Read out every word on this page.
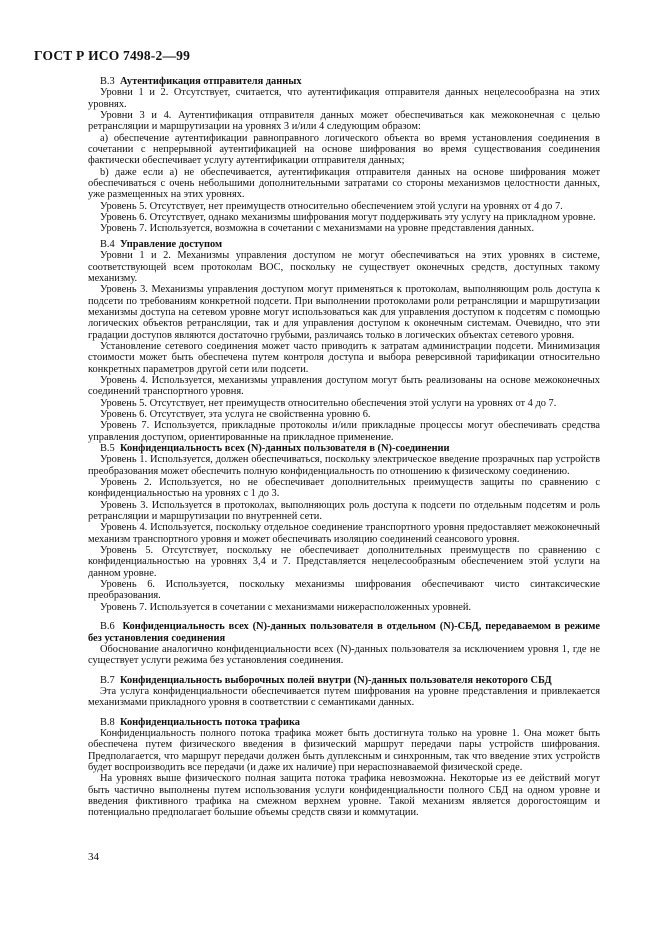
ГОСТ Р ИСО 7498-2—99
В.3 Аутентификация отправителя данных

Уровни 1 и 2. Отсутствует, считается, что аутентификация отправителя данных нецелесообразна на этих уровнях.

Уровни 3 и 4. Аутентификация отправителя данных может обеспечиваться как межоконечная с целью ретрансляции и маршрутизации на уровнях 3 и/или 4 следующим образом:

a) обеспечение аутентификации равноправного логического объекта во время установления соединения в сочетании с непрерывной аутентификацией на основе шифрования во время существования соединения фактически обеспечивает услугу аутентификации отправителя данных;

b) даже если a) не обеспечивается, аутентификация отправителя данных на основе шифрования может обеспечиваться с очень небольшими дополнительными затратами со стороны механизмов целостности данных, уже размещенных на этих уровнях.

Уровень 5. Отсутствует, нет преимуществ относительно обеспечением этой услуги на уровнях от 4 до 7.

Уровень 6. Отсутствует, однако механизмы шифрования могут поддерживать эту услугу на прикладном уровне.

Уровень 7. Используется, возможна в сочетании с механизмами на уровне представления данных.

В.4 Управление доступом

Уровни 1 и 2. Механизмы управления доступом не могут обеспечиваться на этих уровнях в системе, соответствующей всем протоколам ВОС, поскольку не существует оконечных средств, доступных такому механизму.

Уровень 3. Механизмы управления доступом могут применяться к протоколам, выполняющим роль доступа к подсети по требованиям конкретной подсети. При выполнении протоколами роли ретрансляции и маршрутизации механизмы доступа на сетевом уровне могут использоваться как для управления доступом к подсетям с помощью логических объектов ретрансляции, так и для управления доступом к оконечным системам. Очевидно, что эти градации доступов являются достаточно грубыми, различаясь только в логических объектах сетевого уровня.

Установление сетевого соединения может часто приводить к затратам администрации подсети. Минимизация стоимости может быть обеспечена путем контроля доступа и выбора реверсивной тарификации относительно конкретных параметров другой сети или подсети.

Уровень 4. Используется, механизмы управления доступом могут быть реализованы на основе межоконечных соединений транспортного уровня.

Уровень 5. Отсутствует, нет преимуществ относительно обеспечения этой услуги на уровнях от 4 до 7.

Уровень 6. Отсутствует, эта услуга не свойственна уровню 6.

Уровень 7. Используется, прикладные протоколы и/или прикладные процессы могут обеспечивать средства управления доступом, ориентированные на прикладное применение.

В.5 Конфиденциальность всех (N)-данных пользователя в (N)-соединении

Уровень 1. Используется, должен обеспечиваться, поскольку электрическое введение прозрачных пар устройств преобразования может обеспечить полную конфиденциальность по отношению к физическому соединению.

Уровень 2. Используется, но не обеспечивает дополнительных преимуществ защиты по сравнению с конфиденциальностью на уровнях с 1 до 3.

Уровень 3. Используется в протоколах, выполняющих роль доступа к подсети по отдельным подсетям и роль ретрансляции и маршрутизации по внутренней сети.

Уровень 4. Используется, поскольку отдельное соединение транспортного уровня предоставляет межоконечный механизм транспортного уровня и может обеспечивать изоляцию соединений сеансового уровня.

Уровень 5. Отсутствует, поскольку не обеспечивает дополнительных преимуществ по сравнению с конфиденциальностью на уровнях 3,4 и 7. Представляется нецелесообразным обеспечением этой услуги на данном уровне.

Уровень 6. Используется, поскольку механизмы шифрования обеспечивают чисто синтаксические преобразования.

Уровень 7. Используется в сочетании с механизмами нижерасположенных уровней.

В.6 Конфиденциальность всех (N)-данных пользователя в отдельном (N)-СБД, передаваемом в режиме без установления соединения

Обоснование аналогично конфиденциальности всех (N)-данных пользователя за исключением уровня 1, где не существует услуги режима без установления соединения.

В.7 Конфиденциальность выборочных полей внутри (N)-данных пользователя некоторого СБД

Эта услуга конфиденциальности обеспечивается путем шифрования на уровне представления и привлекается механизмами прикладного уровня в соответствии с семантиками данных.

В.8 Конфиденциальность потока трафика

Конфиденциальность полного потока трафика может быть достигнута только на уровне 1. Она может быть обеспечена путем физического введения в физический маршрут передачи пары устройств шифрования. Предполагается, что маршрут передачи должен быть дуплексным и синхронным, так что введение этих устройств будет воспроизводить все передачи (и даже их наличие) при нераспознаваемой физической среде.

На уровнях выше физического полная защита потока трафика невозможна. Некоторые из ее действий могут быть частично выполнены путем использования услуги конфиденциальности полного СБД на одном уровне и введения фиктивного трафика на смежном верхнем уровне. Такой механизм является дорогостоящим и потенциально предполагает большие объемы средств связи и коммутации.

34
